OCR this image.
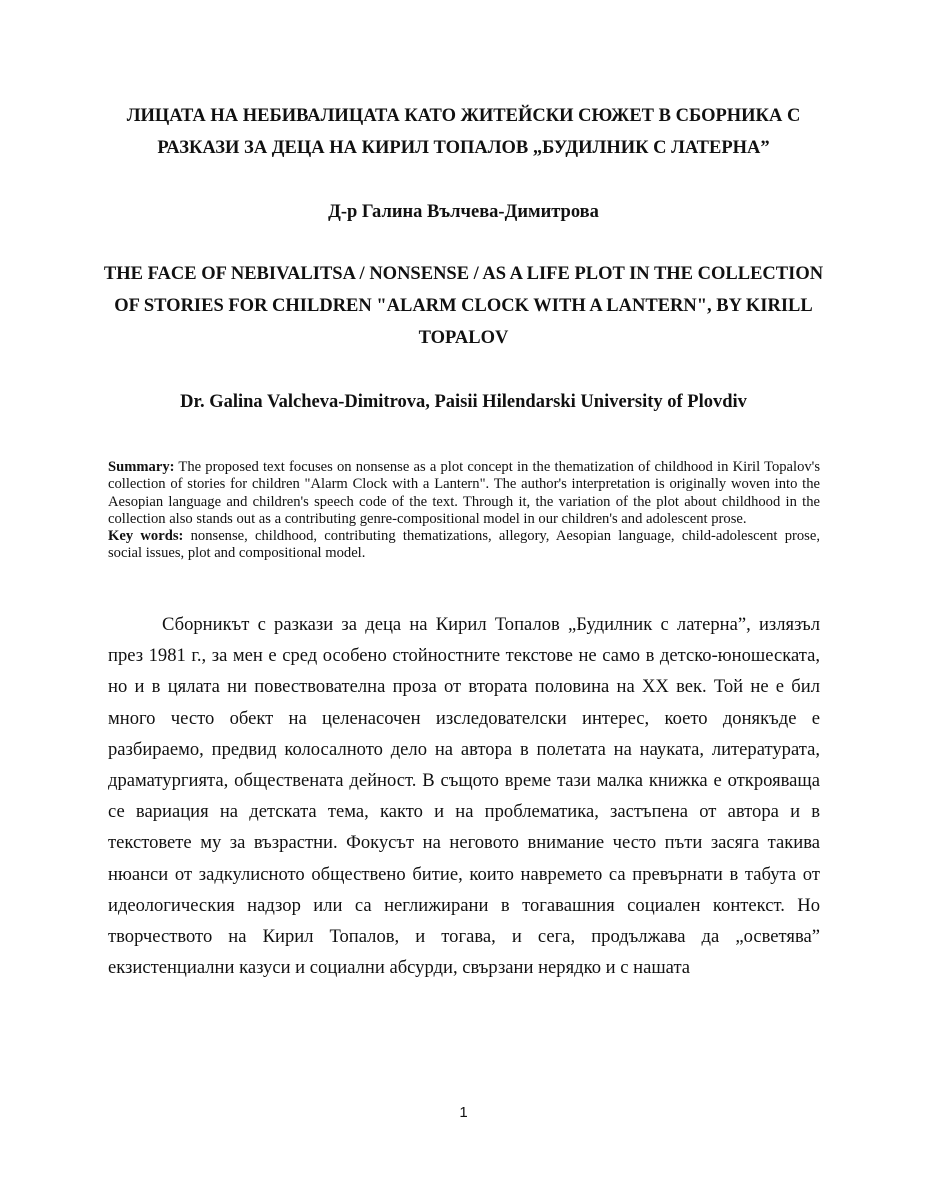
ЛИЦАТА НА НЕБИВАЛИЦАТА КАТО ЖИТЕЙСКИ СЮЖЕТ В СБОРНИКА С РАЗКАЗИ ЗА ДЕЦА НА КИРИЛ ТОПАЛОВ „БУДИЛНИК С ЛАТЕРНА”
Д-р Галина Вълчева-Димитрова
THE FACE OF NEBIVALITSA / NONSENSE / AS A LIFE PLOT IN THE COLLECTION OF STORIES FOR CHILDREN "ALARM CLOCK WITH A LANTERN", BY KIRILL TOPALOV
Dr. Galina Valcheva-Dimitrova, Paisii Hilendarski University of Plovdiv

Summary: The proposed text focuses on nonsense as a plot concept in the thematization of childhood in Kiril Topalov's collection of stories for children "Alarm Clock with a Lantern". The author's interpretation is originally woven into the Aesopian language and children's speech code of the text. Through it, the variation of the plot about childhood in the collection also stands out as a contributing genre-compositional model in our children's and adolescent prose.

Key words: nonsense, childhood, contributing thematizations, allegory, Aesopian language, child-adolescent prose, social issues, plot and compositional model.

Сборникът с разкази за деца на Кирил Топалов „Будилник с латерна”, излязъл през 1981 г., за мен е сред особено стойностните текстове не само в детско-юношеската, но и в цялата ни повествователна проза от втората половина на XX век. Той не е бил много често обект на целенасочен изследователски интерес, което донякъде е разбираемо, предвид колосалното дело на автора в полетата на науката, литературата, драматургията, обществената дейност. В същото време тази малка книжка е открояваща се вариация на детската тема, както и на проблематика, застъпена от автора и в текстовете му за възрастни. Фокусът на неговото внимание често пъти засяга такива нюанси от задкулисното обществено битие, които навремето са превърнати в табута от идеологическия надзор или са неглижирани в тогавашния социален контекст. Но творчеството на Кирил Топалов, и тогава, и сега, продължава да „осветява” екзистенциални казуси и социални абсурди, свързани нерядко и с нашата

1
